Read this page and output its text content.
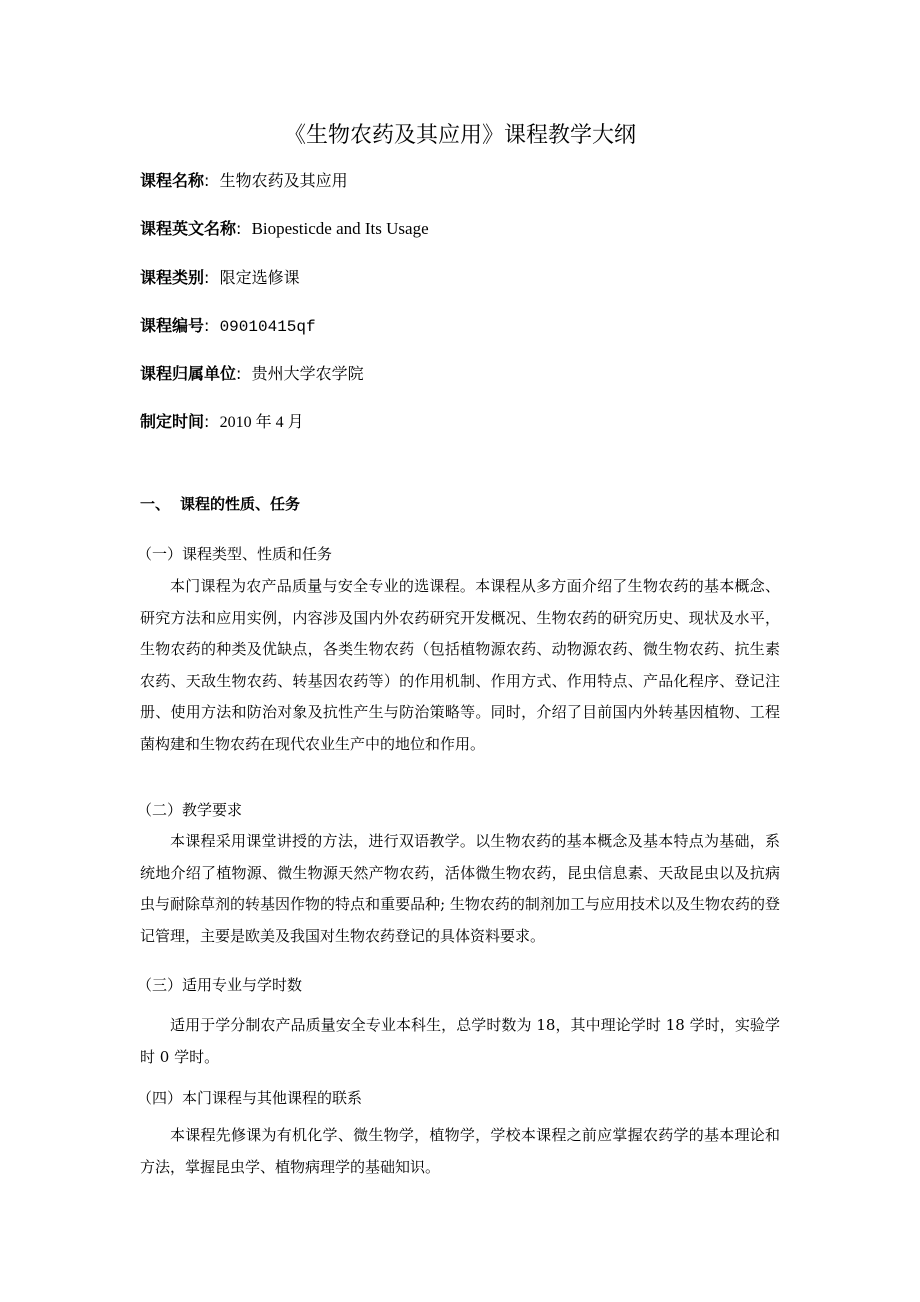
《生物农药及其应用》课程教学大纲
课程名称: 生物农药及其应用
课程英文名称: Biopesticde and Its Usage
课程类别: 限定选修课
课程编号: 09010415qf
课程归属单位: 贵州大学农学院
制定时间: 2010 年 4 月
一、 课程的性质、任务
（一）课程类型、性质和任务

本门课程为农产品质量与安全专业的选课程。本课程从多方面介绍了生物农药的基本概念、研究方法和应用实例，内容涉及国内外农药研究开发概况、生物农药的研究历史、现状及水平，生物农药的种类及优缺点，各类生物农药（包括植物源农药、动物源农药、微生物农药、抗生素农药、天敌生物农药、转基因农药等）的作用机制、作用方式、作用特点、产品化程序、登记注册、使用方法和防治对象及抗性产生与防治策略等。同时，介绍了目前国内外转基因植物、工程菌构建和生物农药在现代农业生产中的地位和作用。

（二）教学要求

本课程采用课堂讲授的方法，进行双语教学。以生物农药的基本概念及基本特点为基础，系统地介绍了植物源、微生物源天然产物农药，活体微生物农药，昆虫信息素、天敌昆虫以及抗病虫与耐除草剂的转基因作物的特点和重要品种; 生物农药的制剂加工与应用技术以及生物农药的登记管理，主要是欧美及我国对生物农药登记的具体资料要求。

（三）适用专业与学时数

适用于学分制农产品质量安全专业本科生，总学时数为 18，其中理论学时 18 学时，实验学时 0 学时。

（四）本门课程与其他课程的联系

本课程先修课为有机化学、微生物学，植物学，学校本课程之前应掌握农药学的基本理论和方法，掌握昆虫学、植物病理学的基础知识。
